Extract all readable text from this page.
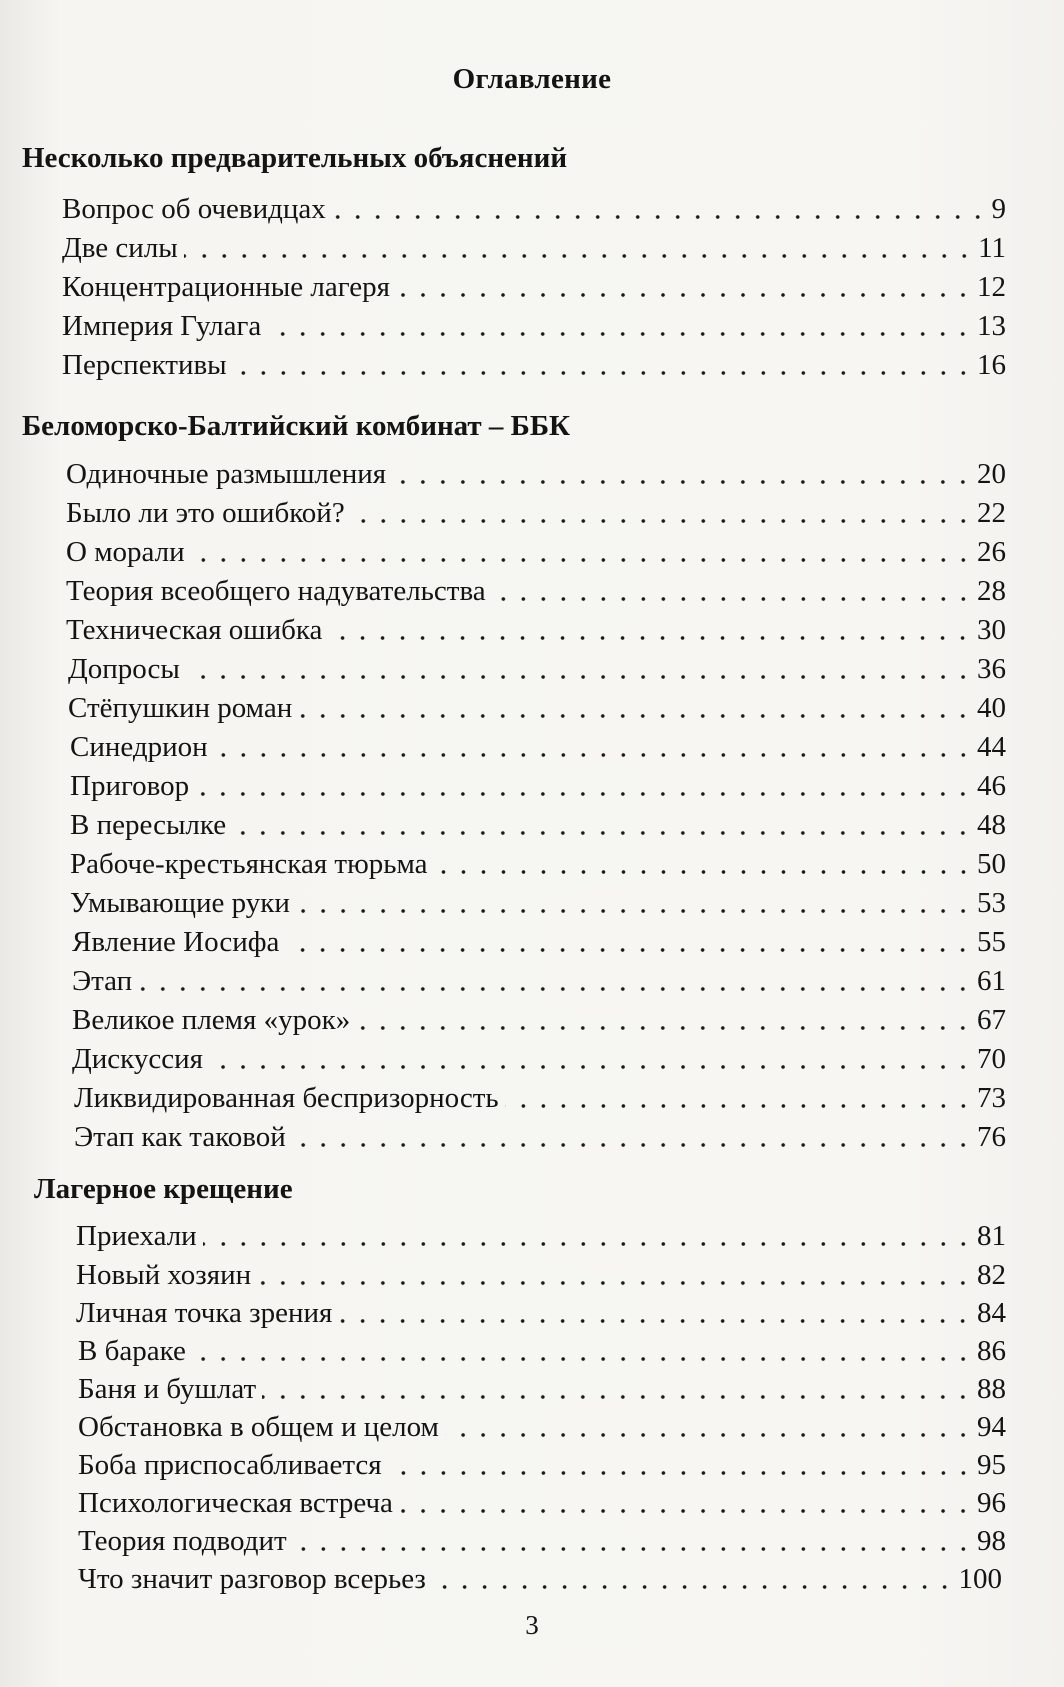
Оглавление
Несколько предварительных объяснений
Вопрос об очевидцах	9
Две силы	11
Концентрационные лагеря	12
Империя Гулага	13
Перспективы	16
Беломорско-Балтийский комбинат – ББК
Одиночные размышления	20
Было ли это ошибкой?	22
О морали	26
Теория всеобщего надувательства	28
Техническая ошибка	30
Допросы	36
Стёпушкин роман	40
Синедрион	44
Приговор	46
В пересылке	48
Рабоче-крестьянская тюрьма	50
Умывающие руки	53
Явление Иосифа	55
Этап	61
Великое племя «урок»	67
Дискуссия	70
Ликвидированная беспризорность	73
Этап как таковой	76
Лагерное крещение
Приехали	81
Новый хозяин	82
Личная точка зрения	84
В бараке	86
Баня и бушлат	88
Обстановка в общем и целом	94
Боба приспосабливается	95
Психологическая встреча	96
Теория подводит	98
Что значит разговор всерьез	100
3
